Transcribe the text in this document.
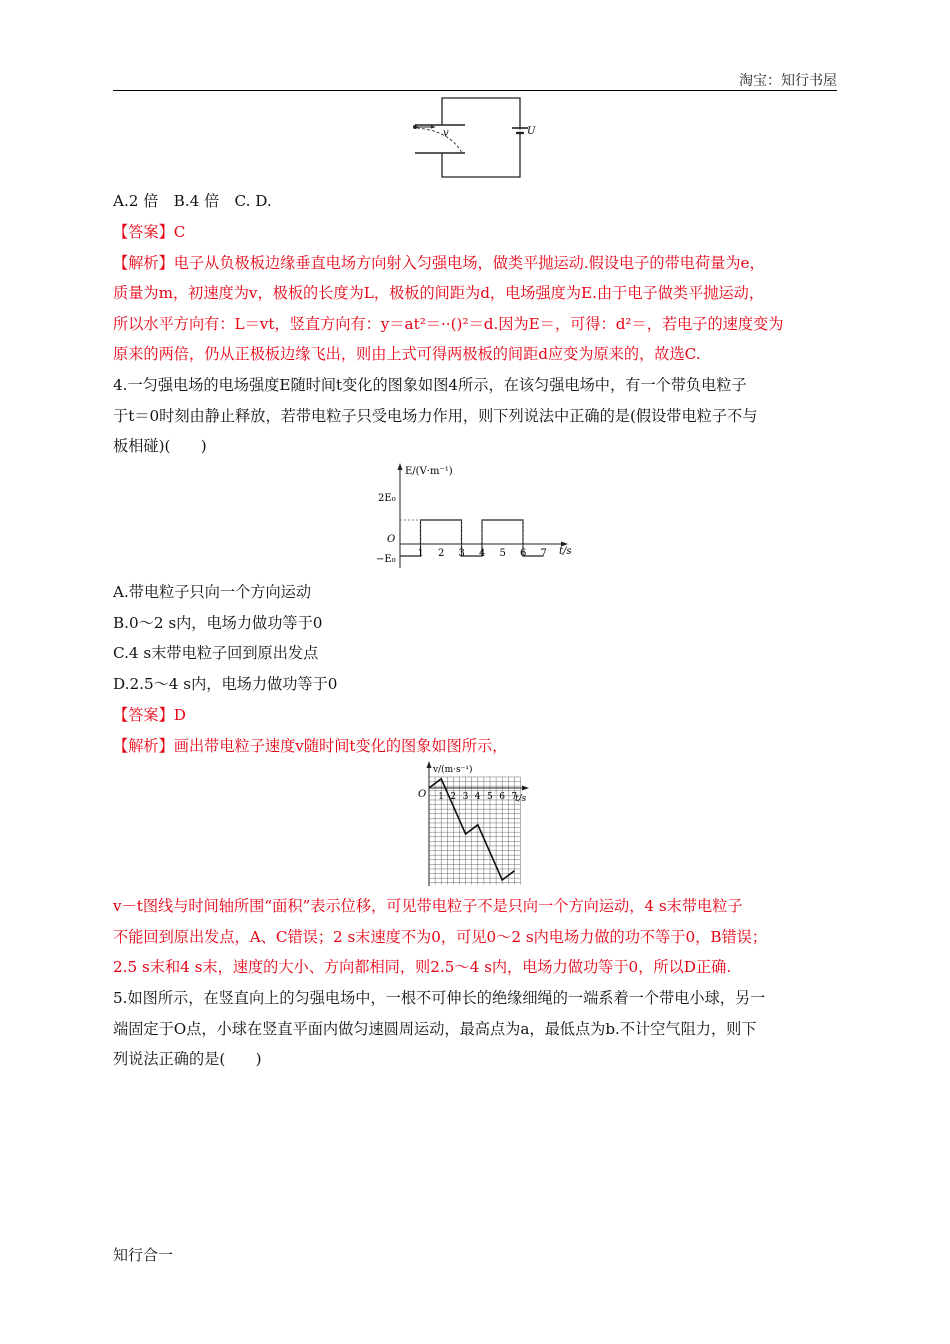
淘宝：知行书屋
v	U
A.2 倍　B.4 倍　C. D.
【答案】C
【解析】电子从负极板边缘垂直电场方向射入匀强电场，做类平抛运动.假设电子的带电荷量为e，
质量为m，初速度为v，极板的长度为L，极板的间距为d，电场强度为E.由于电子做类平抛运动，
所以水平方向有：L＝vt，竖直方向有：y＝at²＝··()²＝d.因为E＝，可得：d²＝，若电子的速度变为
原来的两倍，仍从正极板边缘飞出，则由上式可得两极板的间距d应变为原来的，故选C.
4.一匀强电场的电场强度E随时间t变化的图象如图4所示，在该匀强电场中，有一个带负电粒子
于t＝0时刻由静止释放，若带电粒子只受电场力作用，则下列说法中正确的是(假设带电粒子不与
板相碰)(　　)
E/(V·m⁻¹)
t/s
O
2E₀
−E₀
1 2 3 4 5 6 7
A.带电粒子只向一个方向运动
B.0～2 s内，电场力做功等于0
C.4 s末带电粒子回到原出发点
D.2.5～4 s内，电场力做功等于0
【答案】D
【解析】画出带电粒子速度v随时间t变化的图象如图所示，
v/(m·s⁻¹)
t/s
O 1 2 3 4 5 6 7
v－t图线与时间轴所围“面积”表示位移，可见带电粒子不是只向一个方向运动，4 s末带电粒子
不能回到原出发点，A、C错误；2 s末速度不为0，可见0～2 s内电场力做的功不等于0，B错误；
2.5 s末和4 s末，速度的大小、方向都相同，则2.5～4 s内，电场力做功等于0，所以D正确.
5.如图所示，在竖直向上的匀强电场中，一根不可伸长的绝缘细绳的一端系着一个带电小球，另一
端固定于O点，小球在竖直平面内做匀速圆周运动，最高点为a，最低点为b.不计空气阻力，则下
列说法正确的是(　　)
知行合一
